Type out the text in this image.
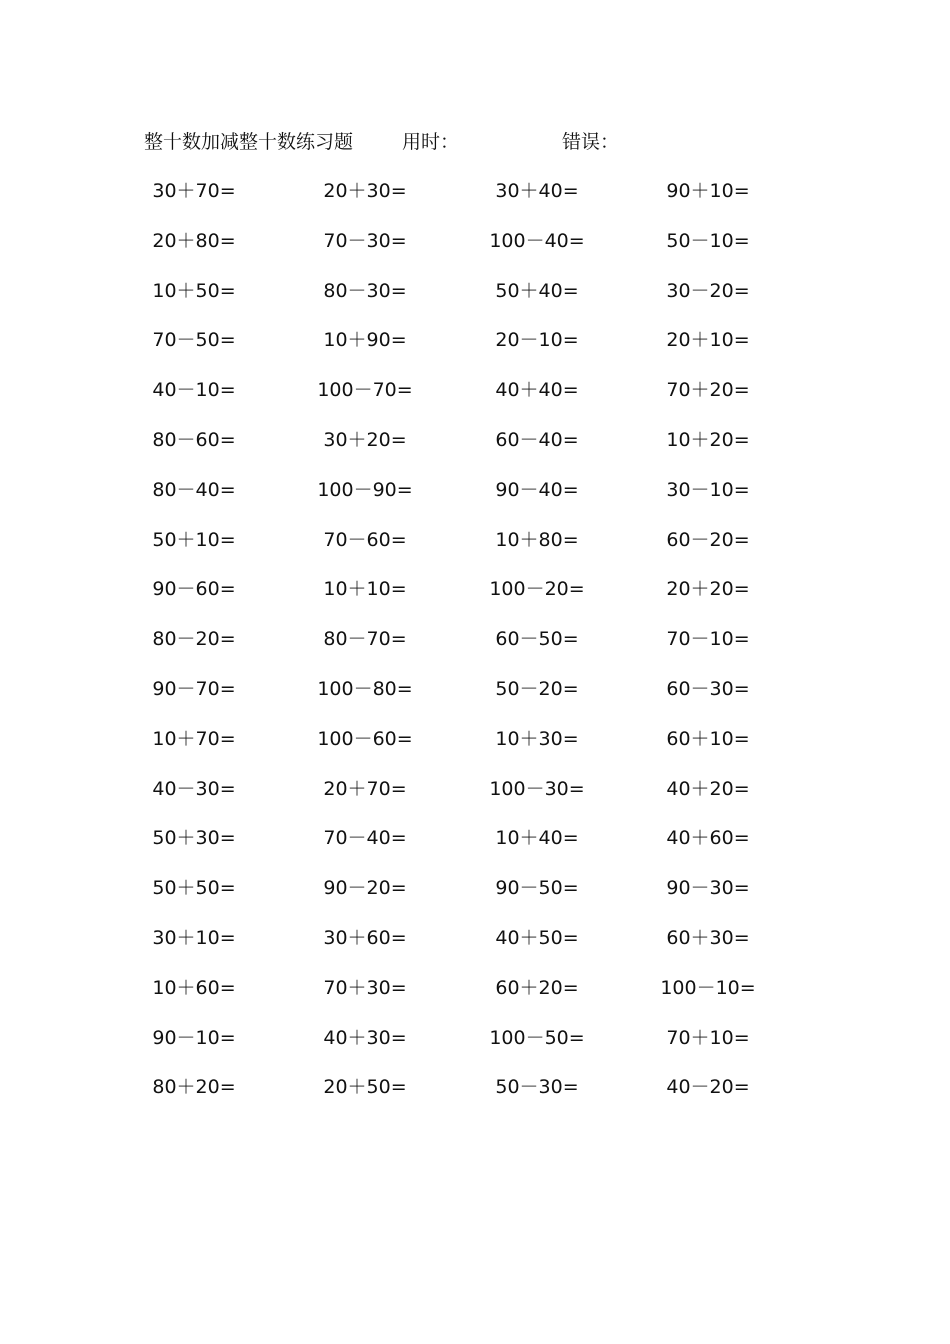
整十数加减整十数练习题	用时：	错误：
30＋70=	20＋30=	30＋40=	90＋10=
20＋80=	70－30=	100－40=	50－10=
10＋50=	80－30=	50＋40=	30－20=
70－50=	10＋90=	20－10=	20＋10=
40－10=	100－70=	40＋40=	70＋20=
80－60=	30＋20=	60－40=	10＋20=
80－40=	100－90=	90－40=	30－10=
50＋10=	70－60=	10＋80=	60－20=
90－60=	10＋10=	100－20=	20＋20=
80－20=	80－70=	60－50=	70－10=
90－70=	100－80=	50－20=	60－30=
10＋70=	100－60=	10＋30=	60＋10=
40－30=	20＋70=	100－30=	40＋20=
50＋30=	70－40=	10＋40=	40＋60=
50＋50=	90－20=	90－50=	90－30=
30＋10=	30＋60=	40＋50=	60＋30=
10＋60=	70＋30=	60＋20=	100－10=
90－10=	40＋30=	100－50=	70＋10=
80＋20=	20＋50=	50－30=	40－20=
